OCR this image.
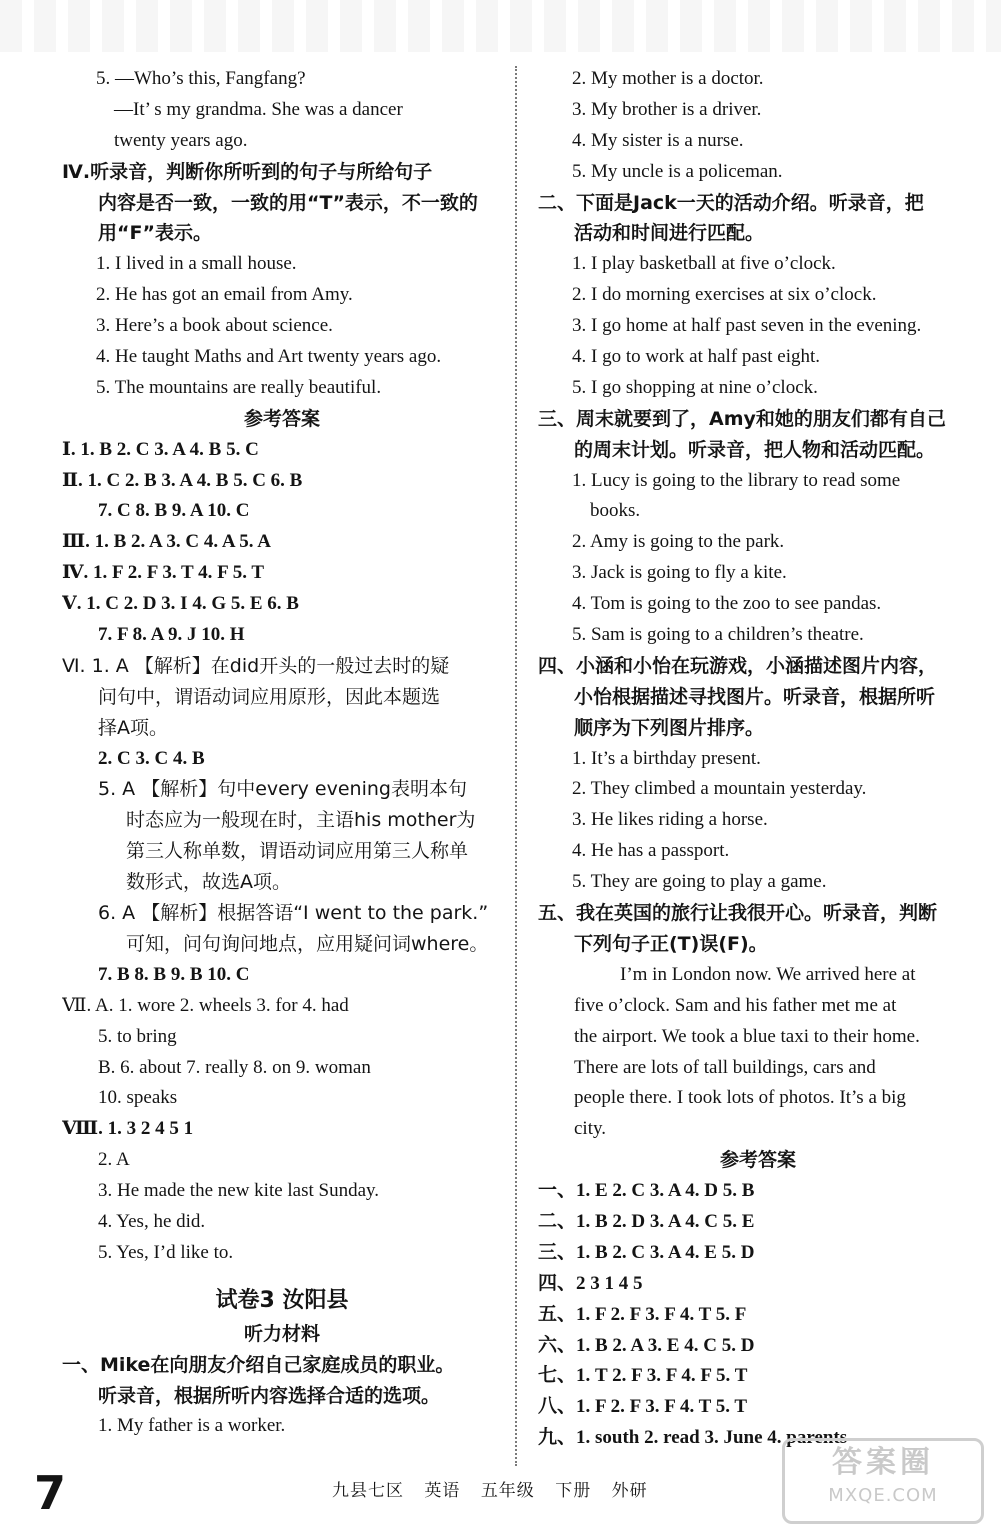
5. —Who’s this, Fangfang?
—It’ s my grandma. She was a dancer
twenty years ago.
Ⅳ.听录音，判断你所听到的句子与所给句子
内容是否一致，一致的用“T”表示，不一致的
用“F”表示。
1. I lived in a small house.
2. He has got an email from Amy.
3. Here’s a book about science.
4. He taught Maths and Art twenty years ago.
5. The mountains are really beautiful.
参考答案
Ⅰ. 1. B 2. C 3. A 4. B 5. C
Ⅱ. 1. C 2. B 3. A 4. B 5. C 6. B
7. C 8. B 9. A 10. C
Ⅲ. 1. B 2. A 3. C 4. A 5. A
Ⅳ. 1. F 2. F 3. T 4. F 5. T
Ⅴ. 1. C 2. D 3. I 4. G 5. E 6. B
7. F 8. A 9. J 10. H
Ⅵ. 1. A 【解析】在did开头的一般过去时的疑
问句中，谓语动词应用原形，因此本题选
择A项。
2. C 3. C 4. B
5. A 【解析】句中every evening表明本句
时态应为一般现在时，主语his mother为
第三人称单数，谓语动词应用第三人称单
数形式，故选A项。
6. A 【解析】根据答语“I went to the park.”
可知，问句询问地点，应用疑问词where。
7. B 8. B 9. B 10. C
Ⅶ. A. 1. wore 2. wheels 3. for 4. had
5. to bring
B. 6. about 7. really 8. on 9. woman
10. speaks
Ⅷ. 1. 3 2 4 5 1
2. A
3. He made the new kite last Sunday.
4. Yes, he did.
5. Yes, I’d like to.
试卷3 汝阳县
听力材料
一、Mike在向朋友介绍自己家庭成员的职业。
听录音，根据所听内容选择合适的选项。
1. My father is a worker.
2. My mother is a doctor.
3. My brother is a driver.
4. My sister is a nurse.
5. My uncle is a policeman.
二、下面是Jack一天的活动介绍。听录音，把
活动和时间进行匹配。
1. I play basketball at five o’clock.
2. I do morning exercises at six o’clock.
3. I go home at half past seven in the evening.
4. I go to work at half past eight.
5. I go shopping at nine o’clock.
三、周末就要到了，Amy和她的朋友们都有自己
的周末计划。听录音，把人物和活动匹配。
1. Lucy is going to the library to read some
books.
2. Amy is going to the park.
3. Jack is going to fly a kite.
4. Tom is going to the zoo to see pandas.
5. Sam is going to a children’s theatre.
四、小涵和小怡在玩游戏，小涵描述图片内容，
小怡根据描述寻找图片。听录音，根据所听
顺序为下列图片排序。
1. It’s a birthday present.
2. They climbed a mountain yesterday.
3. He likes riding a horse.
4. He has a passport.
5. They are going to play a game.
五、我在英国的旅行让我很开心。听录音，判断
下列句子正(T)误(F)。
I’m in London now. We arrived here at
five o’clock. Sam and his father met me at
the airport. We took a blue taxi to their home.
There are lots of tall buildings, cars and
people there. I took lots of photos. It’s a big
city.
参考答案
一、1. E 2. C 3. A 4. D 5. B
二、1. B 2. D 3. A 4. C 5. E
三、1. B 2. C 3. A 4. E 5. D
四、2 3 1 4 5
五、1. F 2. F 3. F 4. T 5. F
六、1. B 2. A 3. E 4. C 5. D
七、1. T 2. F 3. F 4. F 5. T
八、1. F 2. F 3. F 4. T 5. T
九、1. south 2. read 3. June 4. parents
7	九县七区 英语 五年级 下册 外研
答案圈
MXQE.COM
